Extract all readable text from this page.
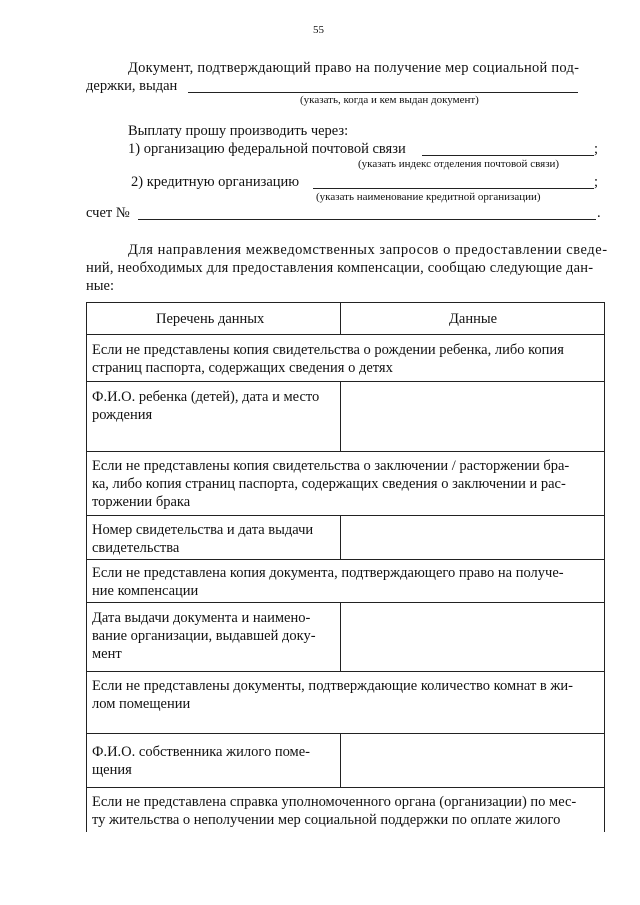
55
Документ, подтверждающий право на получение мер социальной под-
держки, выдан
(указать, когда и кем выдан документ)
Выплату прошу производить через:
1) организацию федеральной почтовой связи	;
(указать индекс отделения почтовой связи)
2) кредитную организацию	;
(указать наименование кредитной организации)
счет №	.
Для направления межведомственных запросов о предоставлении сведе-
ний, необходимых для предоставления компенсации, сообщаю следующие дан-
ные:
Перечень данных	Данные
Если не представлены копия свидетельства о рождении ребенка, либо копия
страниц паспорта, содержащих сведения о детях
Ф.И.О. ребенка (детей), дата и место
рождения
Если не представлены копия свидетельства о заключении / расторжении бра-
ка, либо копия страниц паспорта, содержащих сведения о заключении и рас-
торжении брака
Номер свидетельства и дата выдачи
свидетельства
Если не представлена копия документа, подтверждающего право на получе-
ние компенсации
Дата выдачи документа и наимено-
вание организации, выдавшей доку-
мент
Если не представлены документы, подтверждающие количество комнат в жи-
лом помещении
Ф.И.О. собственника жилого поме-
щения
Если не представлена справка уполномоченного органа (организации) по мес-
ту жительства о неполучении мер социальной поддержки по оплате жилого
